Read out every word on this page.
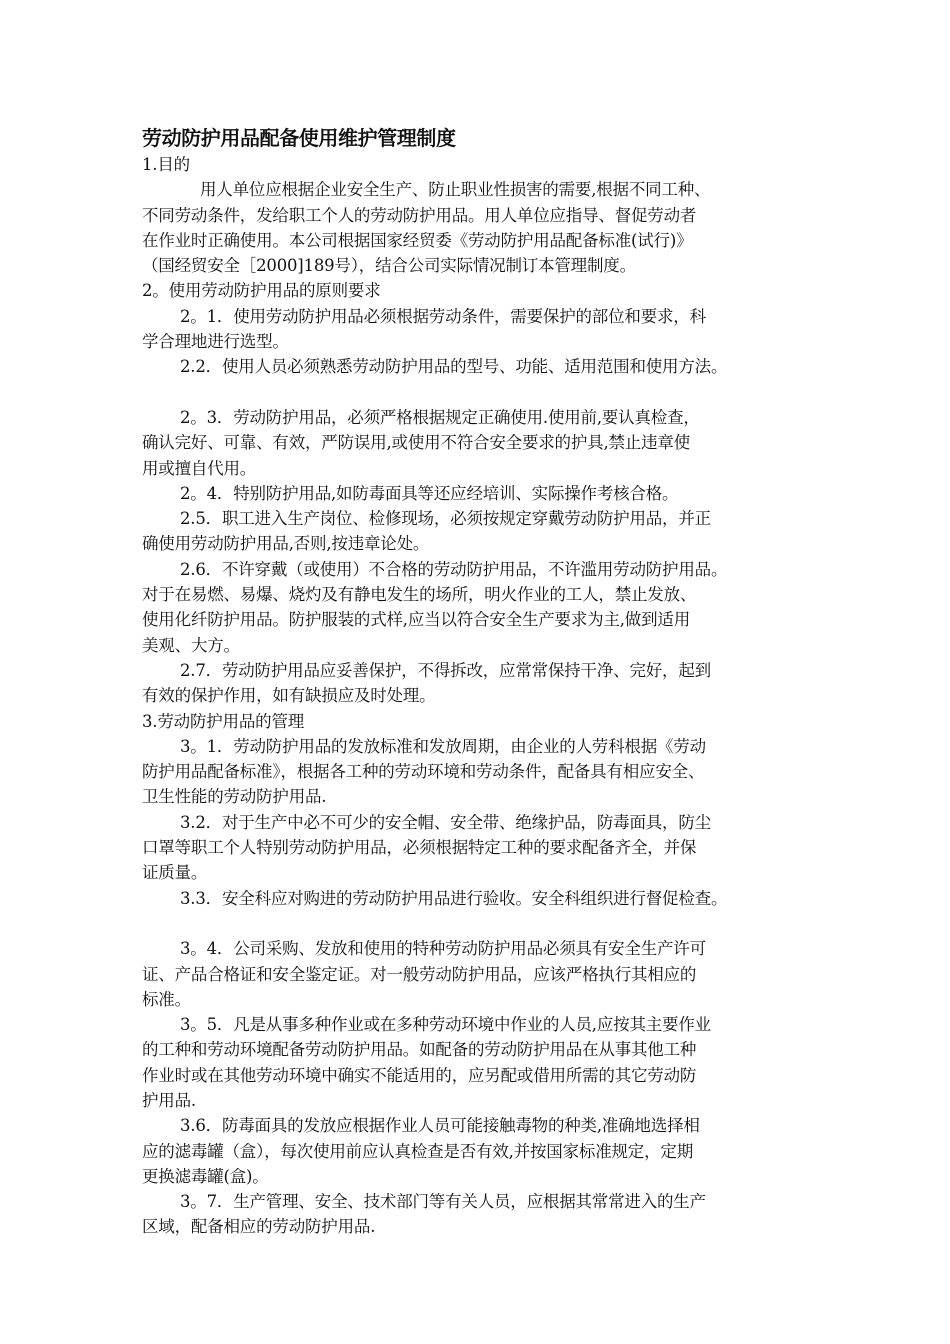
劳动防护用品配备使用维护管理制度
1.目的
用人单位应根据企业安全生产、防止职业性损害的需要,根据不同工种、
不同劳动条件，发给职工个人的劳动防护用品。用人单位应指导、督促劳动者
在作业时正确使用。本公司根据国家经贸委《劳动防护用品配备标准(试行)》
（国经贸安全［2000]189号），结合公司实际情况制订本管理制度。
2。使用劳动防护用品的原则要求
2。1．使用劳动防护用品必须根据劳动条件，需要保护的部位和要求，科
学合理地进行选型。
2.2．使用人员必须熟悉劳动防护用品的型号、功能、适用范围和使用方法。
2。3．劳动防护用品，必须严格根据规定正确使用.使用前,要认真检查，
确认完好、可靠、有效，严防误用,或使用不符合安全要求的护具,禁止违章使
用或擅自代用。
2。4．特别防护用品,如防毒面具等还应经培训、实际操作考核合格。
2.5．职工进入生产岗位、检修现场，必须按规定穿戴劳动防护用品，并正
确使用劳动防护用品,否则,按违章论处。
2.6．不许穿戴（或使用）不合格的劳动防护用品，不许滥用劳动防护用品。
对于在易燃、易爆、烧灼及有静电发生的场所，明火作业的工人，禁止发放、
使用化纤防护用品。防护服装的式样,应当以符合安全生产要求为主,做到适用
美观、大方。
2.7．劳动防护用品应妥善保护，不得拆改，应常常保持干净、完好，起到
有效的保护作用，如有缺损应及时处理。
3.劳动防护用品的管理
3。1．劳动防护用品的发放标准和发放周期，由企业的人劳科根据《劳动
防护用品配备标准》，根据各工种的劳动环境和劳动条件，配备具有相应安全、
卫生性能的劳动防护用品.
3.2．对于生产中必不可少的安全帽、安全带、绝缘护品，防毒面具，防尘
口罩等职工个人特别劳动防护用品，必须根据特定工种的要求配备齐全，并保
证质量。
3.3．安全科应对购进的劳动防护用品进行验收。安全科组织进行督促检查。
3。4．公司采购、发放和使用的特种劳动防护用品必须具有安全生产许可
证、产品合格证和安全鉴定证。对一般劳动防护用品，应该严格执行其相应的
标准。
3。5．凡是从事多种作业或在多种劳动环境中作业的人员,应按其主要作业
的工种和劳动环境配备劳动防护用品。如配备的劳动防护用品在从事其他工种
作业时或在其他劳动环境中确实不能适用的，应另配或借用所需的其它劳动防
护用品.
3.6．防毒面具的发放应根据作业人员可能接触毒物的种类,准确地选择相
应的滤毒罐（盒），每次使用前应认真检查是否有效,并按国家标准规定，定期
更换滤毒罐(盒)。
3。7．生产管理、安全、技术部门等有关人员，应根据其常常进入的生产
区域，配备相应的劳动防护用品.
